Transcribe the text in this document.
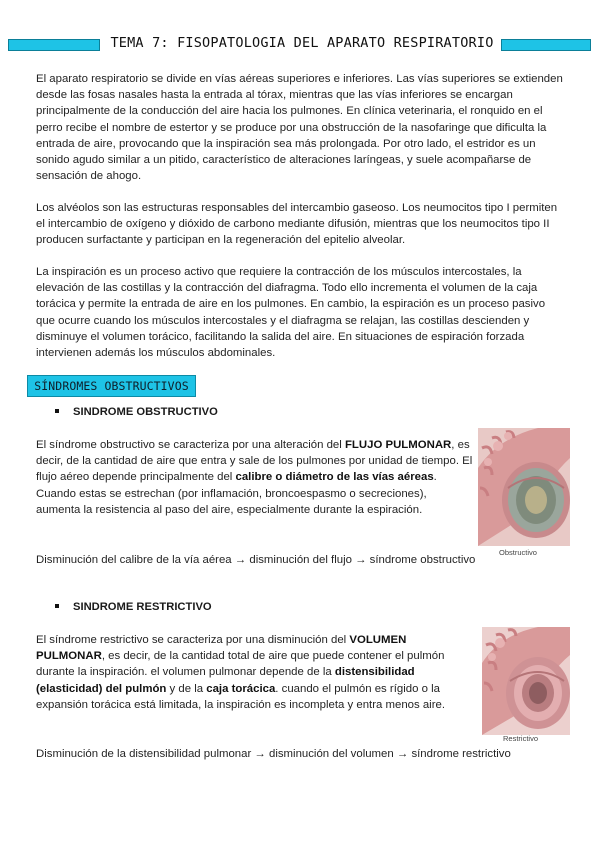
TEMA 7: FISOPATOLOGIA DEL APARATO RESPIRATORIO

El aparato respiratorio se divide en vías aéreas superiores e inferiores. Las vías superiores se extienden desde las fosas nasales hasta la entrada al tórax, mientras que las vías inferiores se encargan principalmente de la conducción del aire hacia los pulmones. En clínica veterinaria, el ronquido en el perro recibe el nombre de estertor y se produce por una obstrucción de la nasofaringe que dificulta la entrada de aire, provocando que la inspiración sea más prolongada. Por otro lado, el estridor es un sonido agudo similar a un pitido, característico de alteraciones laríngeas, y suele acompañarse de sensación de ahogo.

Los alvéolos son las estructuras responsables del intercambio gaseoso. Los neumocitos tipo I permiten el intercambio de oxígeno y dióxido de carbono mediante difusión, mientras que los neumocitos tipo II producen surfactante y participan en la regeneración del epitelio alveolar.

La inspiración es un proceso activo que requiere la contracción de los músculos intercostales, la elevación de las costillas y la contracción del diafragma. Todo ello incrementa el volumen de la caja torácica y permite la entrada de aire en los pulmones. En cambio, la espiración es un proceso pasivo que ocurre cuando los músculos intercostales y el diafragma se relajan, las costillas descienden y disminuye el volumen torácico, facilitando la salida del aire. En situaciones de espiración forzada intervienen además los músculos abdominales.

SÍNDROMES OBSTRUCTIVOS
SINDROME OBSTRUCTIVO

El síndrome obstructivo se caracteriza por una alteración del FLUJO PULMONAR, es decir, de la cantidad de aire que entra y sale de los pulmones por unidad de tiempo. El flujo aéreo depende principalmente del calibre o diámetro de las vías aéreas. Cuando estas se estrechan (por inflamación, broncoespasmo o secreciones), aumenta la resistencia al paso del aire, especialmente durante la espiración.

Disminución del calibre de la vía aérea → disminución del flujo → síndrome obstructivo

Obstructivo
SINDROME RESTRICTIVO

El síndrome restrictivo se caracteriza por una disminución del VOLUMEN PULMONAR, es decir, de la cantidad total de aire que puede contener el pulmón durante la inspiración. el volumen pulmonar depende de la distensibilidad (elasticidad) del pulmón y de la caja torácica. cuando el pulmón es rígido o la expansión torácica está limitada, la inspiración es incompleta y entra menos aire.

Disminución de la distensibilidad pulmonar → disminución del volumen → síndrome restrictivo

Restrictivo
